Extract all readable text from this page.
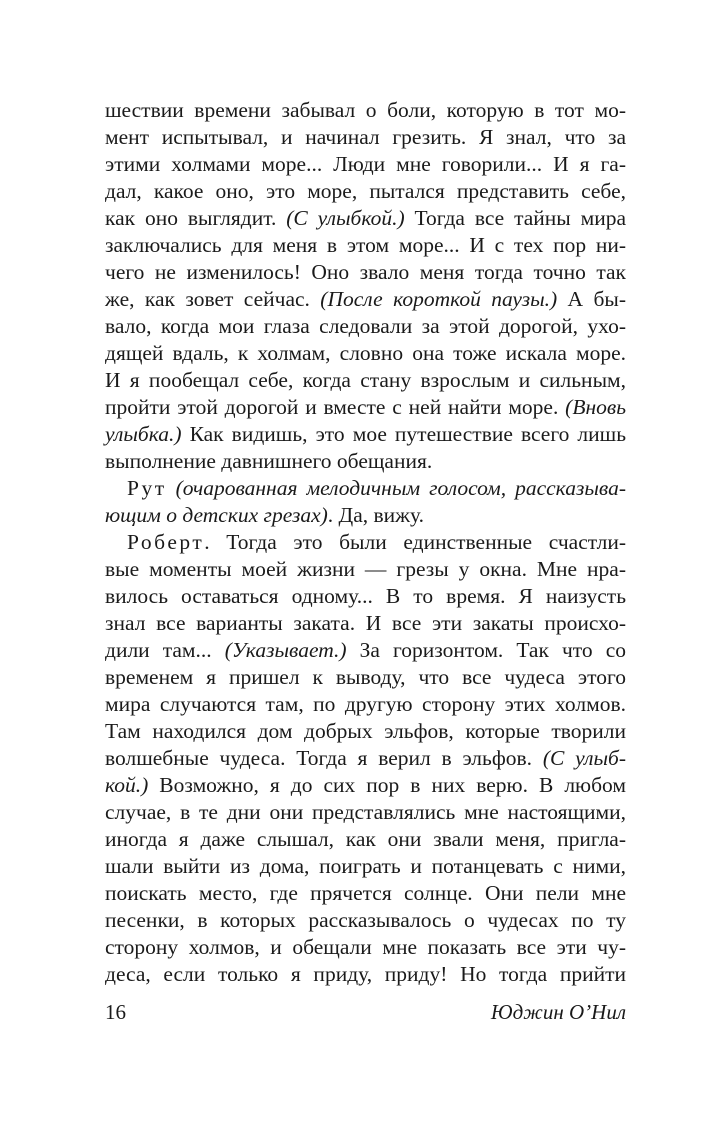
шествии времени забывал о боли, которую в тот мо-
мент испытывал, и начинал грезить. Я знал, что за
этими холмами море... Люди мне говорили... И я га-
дал, какое оно, это море, пытался представить себе,
как оно выглядит. (С улыбкой.) Тогда все тайны мира
заключались для меня в этом море... И с тех пор ни-
чего не изменилось! Оно звало меня тогда точно так
же, как зовет сейчас. (После короткой паузы.) А бы-
вало, когда мои глаза следовали за этой дорогой, ухо-
дящей вдаль, к холмам, словно она тоже искала море.
И я пообещал себе, когда стану взрослым и сильным,
пройти этой дорогой и вместе с ней найти море. (Вновь
улыбка.) Как видишь, это мое путешествие всего лишь
выполнение давнишнего обещания.
Рут (очарованная мелодичным голосом, рассказыва-
ющим о детских грезах). Да, вижу.
Роберт. Тогда это были единственные счастли-
вые моменты моей жизни — грезы у окна. Мне нра-
вилось оставаться одному... В то время. Я наизусть
знал все варианты заката. И все эти закаты происхо-
дили там... (Указывает.) За горизонтом. Так что со
временем я пришел к выводу, что все чудеса этого
мира случаются там, по другую сторону этих холмов.
Там находился дом добрых эльфов, которые творили
волшебные чудеса. Тогда я верил в эльфов. (С улыб-
кой.) Возможно, я до сих пор в них верю. В любом
случае, в те дни они представлялись мне настоящими,
иногда я даже слышал, как они звали меня, пригла-
шали выйти из дома, поиграть и потанцевать с ними,
поискать место, где прячется солнце. Они пели мне
песенки, в которых рассказывалось о чудесах по ту
сторону холмов, и обещали мне показать все эти чу-
деса, если только я приду, приду! Но тогда прийти
16	Юджин О’Нил
